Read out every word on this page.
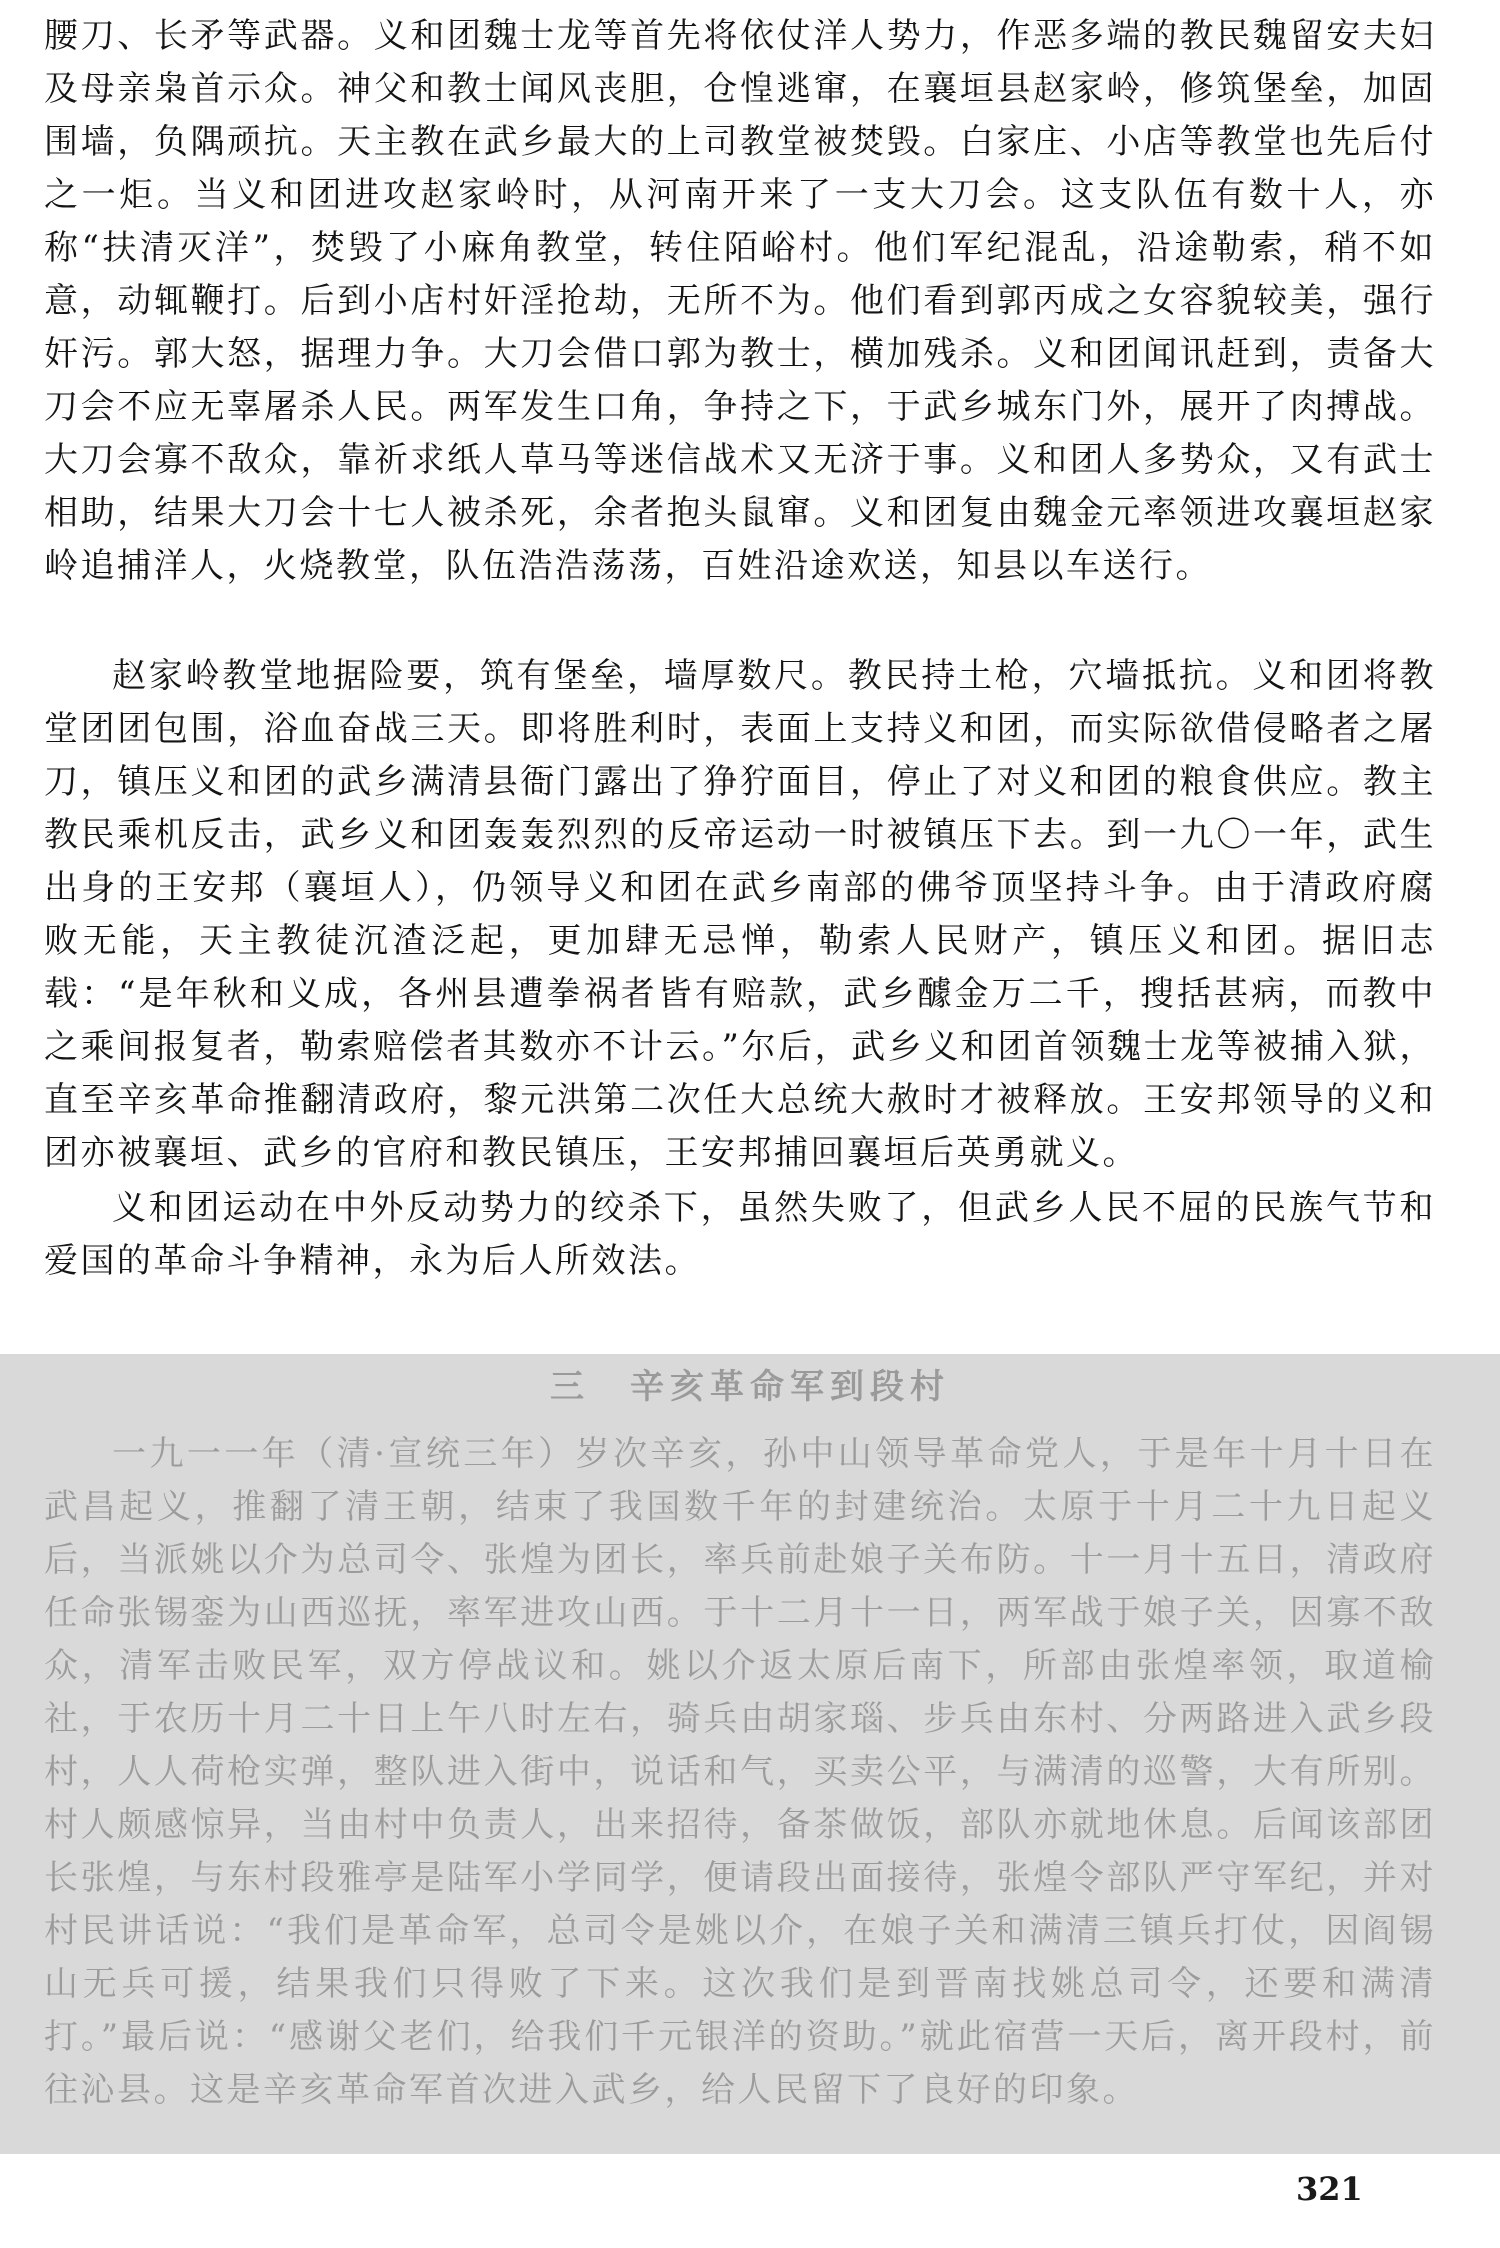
腰刀、长矛等武器。义和团魏士龙等首先将依仗洋人势力，作恶多端的教民魏留安夫妇及母亲枭首示众。神父和教士闻风丧胆，仓惶逃窜，在襄垣县赵家岭，修筑堡垒，加固围墙，负隅顽抗。天主教在武乡最大的上司教堂被焚毁。白家庄、小店等教堂也先后付之一炬。当义和团进攻赵家岭时，从河南开来了一支大刀会。这支队伍有数十人，亦称“扶清灭洋”，焚毁了小麻角教堂，转住陌峪村。他们军纪混乱，沿途勒索，稍不如意，动辄鞭打。后到小店村奸淫抢劫，无所不为。他们看到郭丙成之女容貌较美，强行奸污。郭大怒，据理力争。大刀会借口郭为教士，横加残杀。义和团闻讯赶到，责备大刀会不应无辜屠杀人民。两军发生口角，争持之下，于武乡城东门外，展开了肉搏战。大刀会寡不敌众，靠祈求纸人草马等迷信战术又无济于事。义和团人多势众，又有武士相助，结果大刀会十七人被杀死，余者抱头鼠窜。义和团复由魏金元率领进攻襄垣赵家岭追捕洋人，火烧教堂，队伍浩浩荡荡，百姓沿途欢送，知县以车送行。

赵家岭教堂地据险要，筑有堡垒，墙厚数尺。教民持土枪，穴墙抵抗。义和团将教堂团团包围，浴血奋战三天。即将胜利时，表面上支持义和团，而实际欲借侵略者之屠刀，镇压义和团的武乡满清县衙门露出了狰狞面目，停止了对义和团的粮食供应。教主教民乘机反击，武乡义和团轰轰烈烈的反帝运动一时被镇压下去。到一九〇一年，武生出身的王安邦（襄垣人），仍领导义和团在武乡南部的佛爷顶坚持斗争。由于清政府腐败无能，天主教徒沉渣泛起，更加肆无忌惮，勒索人民财产，镇压义和团。据旧志载：“是年秋和义成，各州县遭拳祸者皆有赔款，武乡醵金万二千，搜括甚病，而教中之乘间报复者，勒索赔偿者其数亦不计云。”尔后，武乡义和团首领魏士龙等被捕入狱，直至辛亥革命推翻清政府，黎元洪第二次任大总统大赦时才被释放。王安邦领导的义和团亦被襄垣、武乡的官府和教民镇压，王安邦捕回襄垣后英勇就义。

义和团运动在中外反动势力的绞杀下，虽然失败了，但武乡人民不屈的民族气节和爱国的革命斗争精神，永为后人所效法。

三　辛亥革命军到段村

一九一一年（清·宣统三年）岁次辛亥，孙中山领导革命党人，于是年十月十日在武昌起义，推翻了清王朝，结束了我国数千年的封建统治。太原于十月二十九日起义后，当派姚以介为总司令、张煌为团长，率兵前赴娘子关布防。十一月十五日，清政府任命张锡銮为山西巡抚，率军进攻山西。于十二月十一日，两军战于娘子关，因寡不敌众，清军击败民军，双方停战议和。姚以介返太原后南下，所部由张煌率领，取道榆社，于农历十月二十日上午八时左右，骑兵由胡家瑙、步兵由东村、分两路进入武乡段村，人人荷枪实弹，整队进入街中，说话和气，买卖公平，与满清的巡警，大有所别。村人颇感惊异，当由村中负责人，出来招待，备茶做饭，部队亦就地休息。后闻该部团长张煌，与东村段雅亭是陆军小学同学，便请段出面接待，张煌令部队严守军纪，并对村民讲话说：“我们是革命军，总司令是姚以介，在娘子关和满清三镇兵打仗，因阎锡山无兵可援，结果我们只得败了下来。这次我们是到晋南找姚总司令，还要和满清打。”最后说：“感谢父老们，给我们千元银洋的资助。”就此宿营一天后，离开段村，前往沁县。这是辛亥革命军首次进入武乡，给人民留下了良好的印象。

321
